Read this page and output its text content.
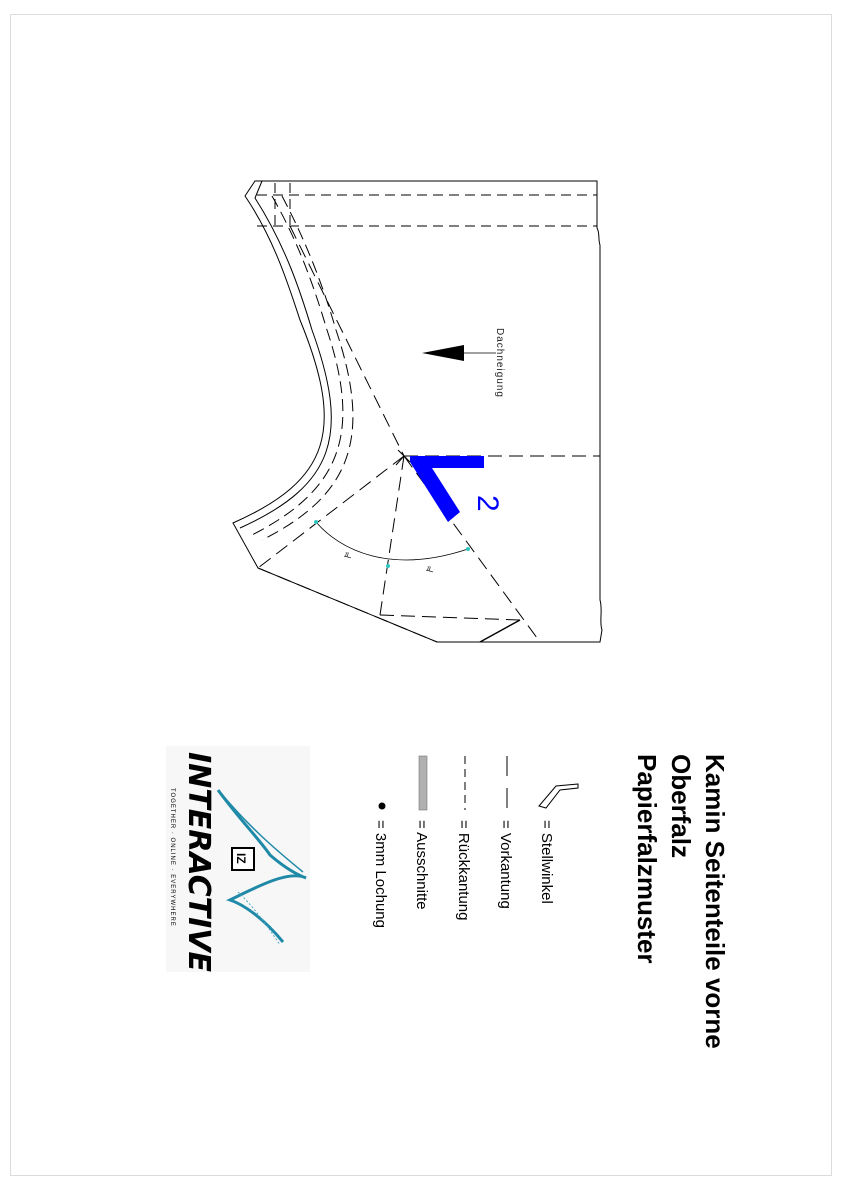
≉
≉
2
Dachneigung
Kamin Seitenteile vorne
Oberfalz
Papierfalzmuster
= Stellwinkel
= Vorkantung
= Rückkantung
= Ausschnitte
= 3mm Lochung
IZ
INTERACTIVE
TOGETHER · ONLINE · EVERYWHERE
